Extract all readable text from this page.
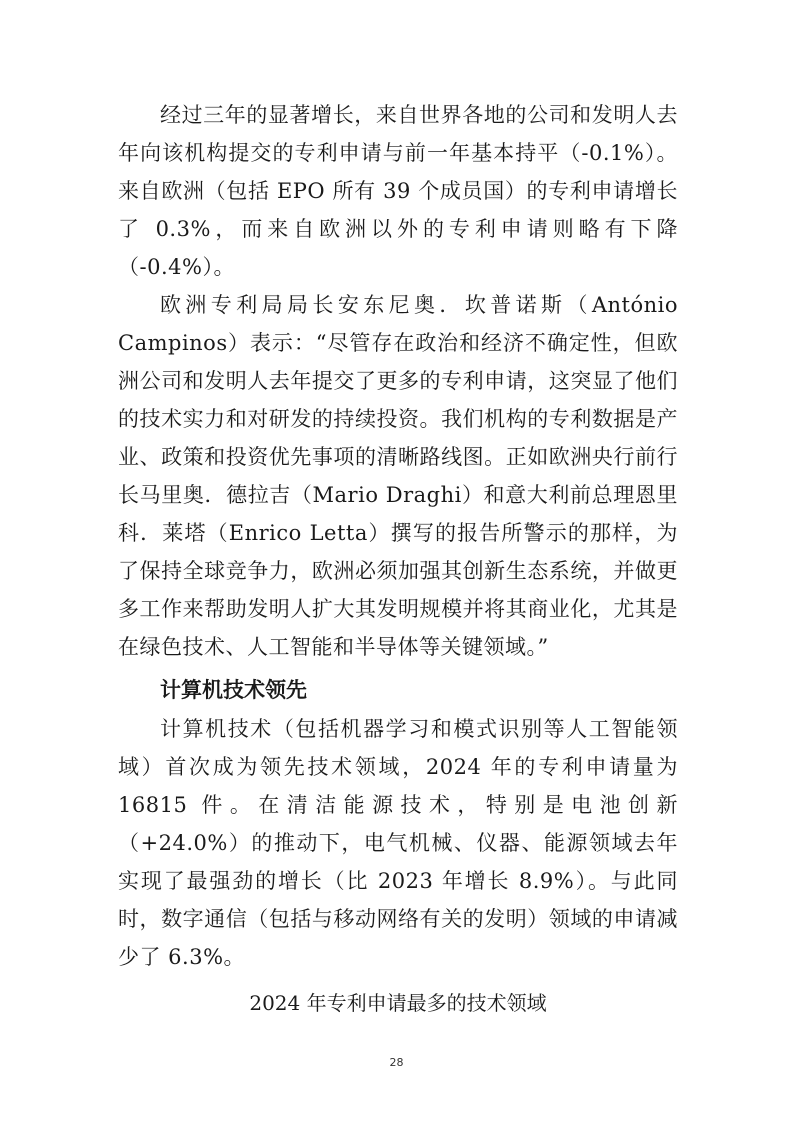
经过三年的显著增长，来自世界各地的公司和发明人去年向该机构提交的专利申请与前一年基本持平（-0.1%）。来自欧洲（包括 EPO 所有 39 个成员国）的专利申请增长了 0.3%，而来自欧洲以外的专利申请则略有下降（-0.4%）。

欧洲专利局局长安东尼奥．坎普诺斯（António Campinos）表示：“尽管存在政治和经济不确定性，但欧洲公司和发明人去年提交了更多的专利申请，这突显了他们的技术实力和对研发的持续投资。我们机构的专利数据是产业、政策和投资优先事项的清晰路线图。正如欧洲央行前行长马里奥．德拉吉（Mario Draghi）和意大利前总理恩里科．莱塔（Enrico Letta）撰写的报告所警示的那样，为了保持全球竞争力，欧洲必须加强其创新生态系统，并做更多工作来帮助发明人扩大其发明规模并将其商业化，尤其是在绿色技术、人工智能和半导体等关键领域。”

计算机技术领先

计算机技术（包括机器学习和模式识别等人工智能领域）首次成为领先技术领域，2024 年的专利申请量为 16815 件。在清洁能源技术，特别是电池创新（+24.0%）的推动下，电气机械、仪器、能源领域去年实现了最强劲的增长（比 2023 年增长 8.9%）。与此同时，数字通信（包括与移动网络有关的发明）领域的申请减少了 6.3%。

2024 年专利申请最多的技术领域

28
